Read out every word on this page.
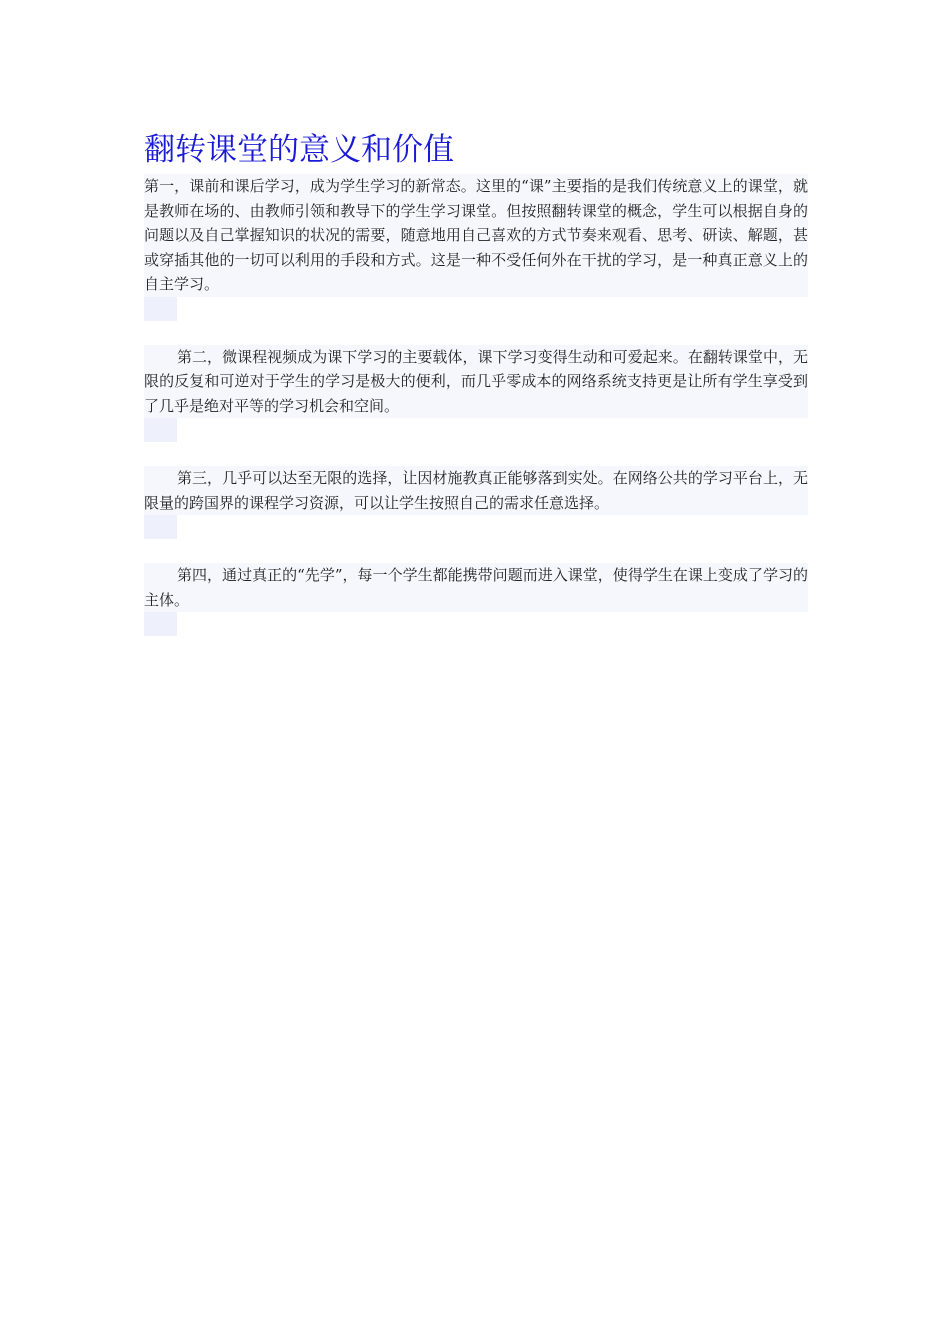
翻转课堂的意义和价值

第一，课前和课后学习，成为学生学习的新常态。这里的“课”主要指的是我们传统意义上的课堂，就是教师在场的、由教师引领和教导下的学生学习课堂。但按照翻转课堂的概念，学生可以根据自身的问题以及自己掌握知识的状况的需要，随意地用自己喜欢的方式节奏来观看、思考、研读、解题，甚或穿插其他的一切可以利用的手段和方式。这是一种不受任何外在干扰的学习，是一种真正意义上的自主学习。

第二，微课程视频成为课下学习的主要载体，课下学习变得生动和可爱起来。在翻转课堂中，无限的反复和可逆对于学生的学习是极大的便利，而几乎零成本的网络系统支持更是让所有学生享受到了几乎是绝对平等的学习机会和空间。

第三，几乎可以达至无限的选择，让因材施教真正能够落到实处。在网络公共的学习平台上，无限量的跨国界的课程学习资源，可以让学生按照自己的需求任意选择。

第四，通过真正的“先学”，每一个学生都能携带问题而进入课堂，使得学生在课上变成了学习的主体。
